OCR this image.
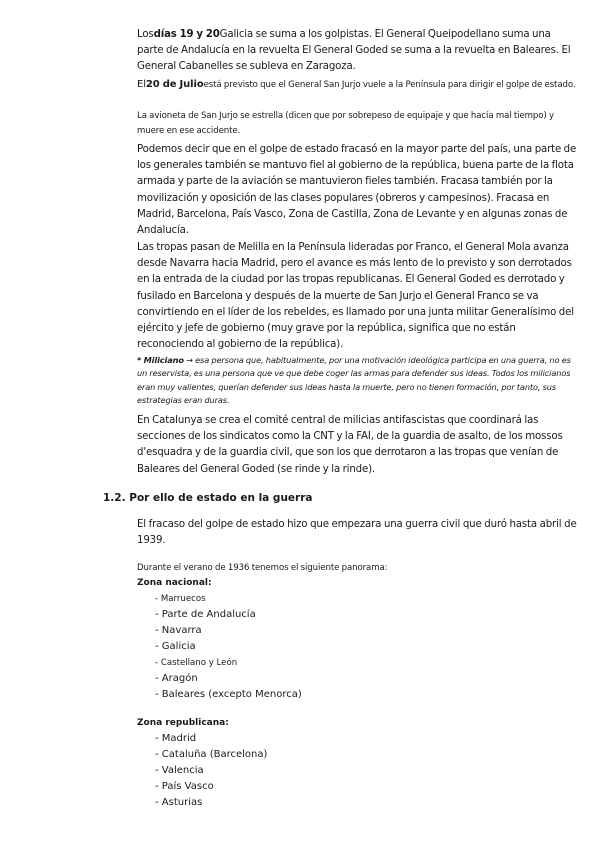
Losdías 19 y 20Galicia se suma a los golpistas. El General Queipodellano suma una parte de Andalucía en la revuelta El General Goded se suma a la revuelta en Baleares. El General Cabanelles se subleva en Zaragoza.

El20 de Julioestá previsto que el General San Jurjo vuele a la Península para dirigir el golpe de estado.

La avioneta de San Jurjo se estrella (dicen que por sobrepeso de equipaje y que hacía mal tiempo) y muere en ese accidente.

Podemos decir que en el golpe de estado fracasó en la mayor parte del país, una parte de los generales también se mantuvo fiel al gobierno de la república, buena parte de la flota armada y parte de la aviación se mantuvieron fieles también. Fracasa también por la movilización y oposición de las clases populares (obreros y campesinos). Fracasa en Madrid, Barcelona, País Vasco, Zona de Castilla, Zona de Levante y en algunas zonas de Andalucía.

Las tropas pasan de Melilla en la Península lideradas por Franco, el General Mola avanza desde Navarra hacia Madrid, pero el avance es más lento de lo previsto y son derrotados en la entrada de la ciudad por las tropas republicanas. El General Goded es derrotado y fusilado en Barcelona y después de la muerte de San Jurjo el General Franco se va convirtiendo en el líder de los rebeldes, es llamado por una junta militar Generalísimo del ejército y jefe de gobierno (muy grave por la república, significa que no están reconociendo al gobierno de la república).

* Miliciano → esa persona que, habitualmente, por una motivación ideológica participa en una guerra, no es un reservista, es una persona que ve que debe coger las armas para defender sus ideas. Todos los milicianos eran muy valientes, querían defender sus ideas hasta la muerte, pero no tienen formación, por tanto, sus estrategias eran duras.

En Catalunya se crea el comité central de milicias antifascistas que coordinará las secciones de los sindicatos como la CNT y la FAI, de la guardia de asalto, de los mossos d'esquadra y de la guardia civil, que son los que derrotaron a las tropas que venían de Baleares del General Goded (se rinde y la rinde).

1.2. Por ello de estado en la guerra

El fracaso del golpe de estado hizo que empezara una guerra civil que duró hasta abril de 1939.

Durante el verano de 1936 tenemos el siguiente panorama:

Zona nacional:

- Marruecos
- Parte de Andalucía
- Navarra
- Galicia
- Castellano y León
- Aragón
- Baleares (excepto Menorca)

Zona republicana:

- Madrid
- Cataluña (Barcelona)
- Valencia
- País Vasco
- Asturias
